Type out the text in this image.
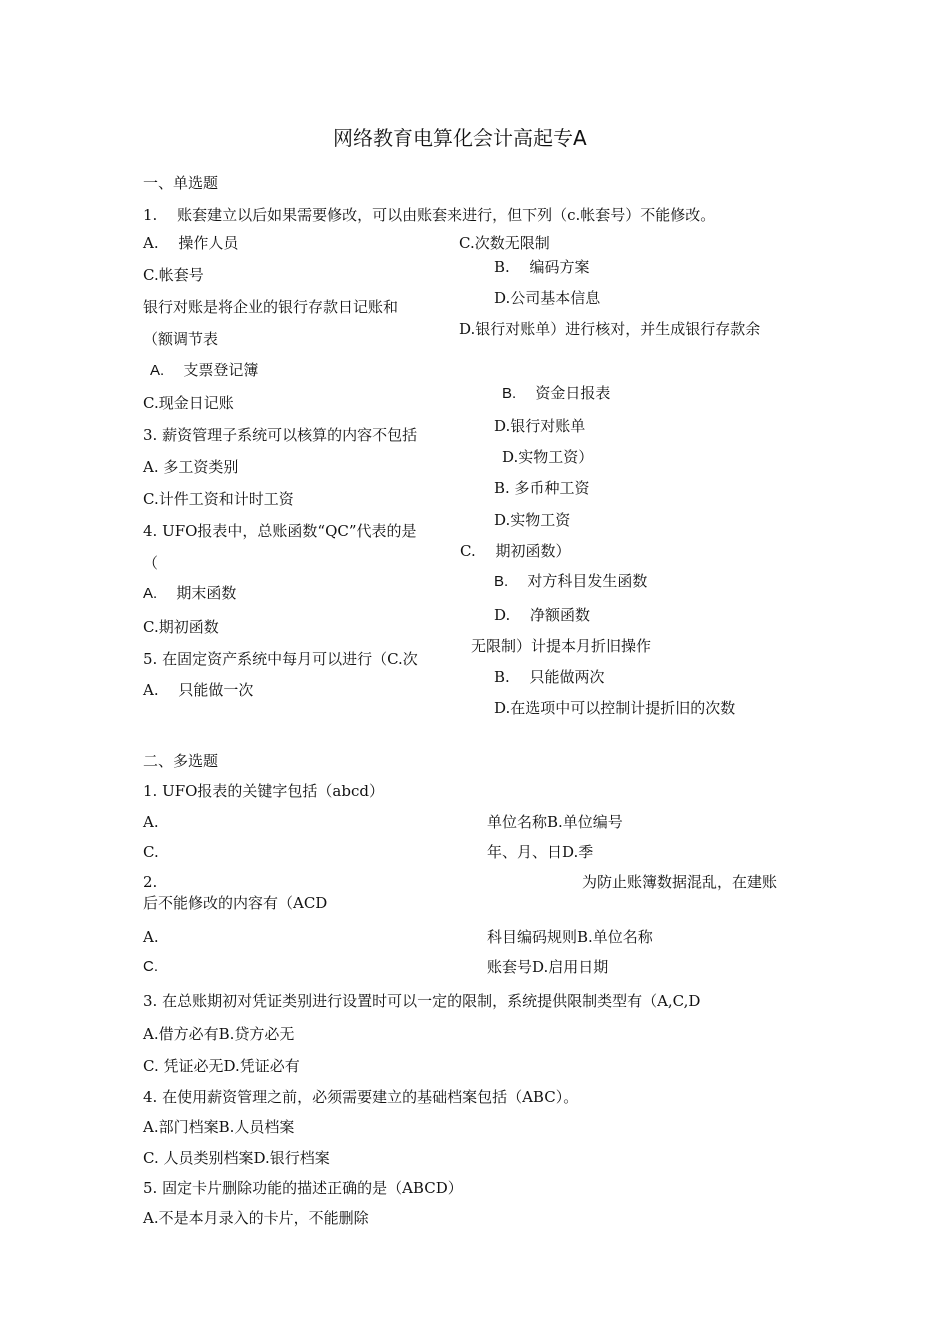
网络教育电算化会计高起专A
一、单选题
1.　 账套建立以后如果需要修改，可以由账套来进行，但下列（c.帐套号）不能修改。
A.　 操作人员	C.次数无限制
B.　 编码方案
C.帐套号
D.公司基本信息
银行对账是将企业的银行存款日记账和
D.银行对账单）进行核对，并生成银行存款余
（额调节表
A.　 支票登记簿
B.　 资金日报表
C.现金日记账
D.银行对账单
3. 薪资管理子系统可以核算的内容不包括
D.实物工资）
A. 多工资类别
B. 多币种工资
C.计件工资和计时工资
D.实物工资
4. UFO报表中，总账函数“QC”代表的是
C.　 期初函数）
（
A.　 期末函数
B.　 对方科目发生函数
C.期初函数
D.　 净额函数
无限制）计提本月折旧操作
5. 在固定资产系统中每月可以进行（C.次
A.　 只能做一次
B.　 只能做两次
D.在选项中可以控制计提折旧的次数
二、多选题
1. UFO报表的关键字包括（abcd）
A.	单位名称B.单位编号
C.	年、月、日D.季
2.	为防止账簿数据混乱，在建账
后不能修改的内容有（ACD
A.	科目编码规则B.单位名称
C.	账套号D.启用日期
3. 在总账期初对凭证类别进行设置时可以一定的限制，系统提供限制类型有（A,C,D
A.借方必有B.贷方必无
C. 凭证必无D.凭证必有
4. 在使用薪资管理之前，必须需要建立的基础档案包括（ABC）。
A.部门档案B.人员档案
C. 人员类别档案D.银行档案
5. 固定卡片删除功能的描述正确的是（ABCD）
A.不是本月录入的卡片，不能删除
